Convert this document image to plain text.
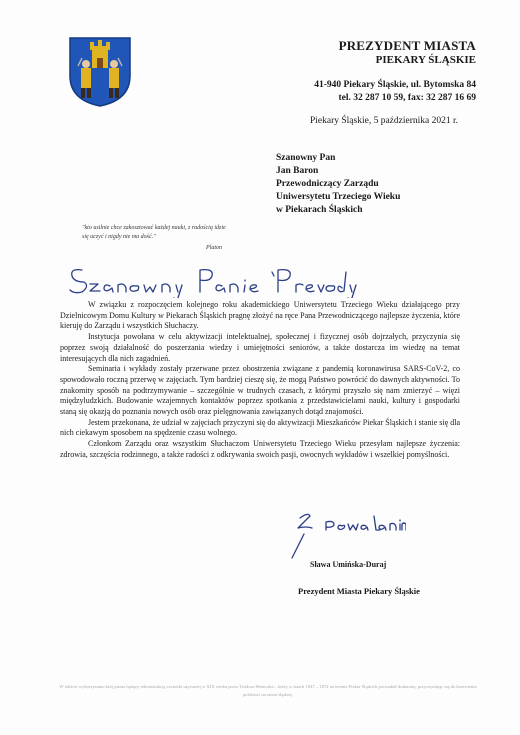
PREZYDENT MIASTA
PIEKARY ŚLĄSKIE
41-940 Piekary Śląskie, ul. Bytomska 84
tel. 32 287 10 59, fax: 32 287 16 69
Piekary Śląskie, 5 października 2021 r.
Szanowny Pan
Jan Baron
Przewodniczący Zarządu
Uniwersytetu Trzeciego Wieku
w Piekarach Śląskich
"kto usilnie chce zakosztować każdej nauki, z radością idzie się uczyć i nigdy nie ma dość."
Platon

W związku z rozpoczęciem kolejnego roku akademickiego Uniwersytetu Trzeciego Wieku działającego przy Dzielnicowym Domu Kultury w Piekarach Śląskich pragnę złożyć na ręce Pana Przewodniczącego najlepsze życzenia, które kieruję do Zarządu i wszystkich Słuchaczy.

Instytucja powołana w celu aktywizacji intelektualnej, społecznej i fizycznej osób dojrzałych, przyczynia się poprzez swoją działalność do poszerzania wiedzy i umiejętności seniorów, a także dostarcza im wiedzę na temat interesujących dla nich zagadnień.

Seminaria i wykłady zostały przerwane przez obostrzenia związane z pandemią koronawirusa SARS-CoV-2, co spowodowało roczną przerwę w zajęciach. Tym bardziej cieszę się, że mogą Państwo powrócić do dawnych aktywności. To znakomity sposób na podtrzymywanie – szczególnie w trudnych czasach, z którymi przyszło się nam zmierzyć – więzi międzyludzkich. Budowanie wzajemnych kontaktów poprzez spotkania z przedstawicielami nauki, kultury i gospodarki staną się okazją do poznania nowych osób oraz pielęgnowania zawiązanych dotąd znajomości.

Jestem przekonana, że udział w zajęciach przyczyni się do aktywizacji Mieszkańców Piekar Śląskich i stanie się dla nich ciekawym sposobem na spędzenie czasu wolnego.

Członkom Zarządu oraz wszystkim Słuchaczom Uniwersytetu Trzeciego Wieku przesyłam najlepsze życzenia: zdrowia, szczęścia rodzinnego, a także radości z odkrywania swoich pasji, owocnych wykładów i wszelkiej pomyślności.

Sława Umińska-Duraj
Prezydent Miasta Piekary Śląskie
W tekście wykorzystano krój pisma będący rekonstrukcją czcionki używanej w XIX wieku przez Teodora Heneczka – który w latach 1847 – 1872 na terenie Piekar Śląskich prowadził drukarnię, przyczyniając się do krzewienia polskości na ziemi śląskiej.
